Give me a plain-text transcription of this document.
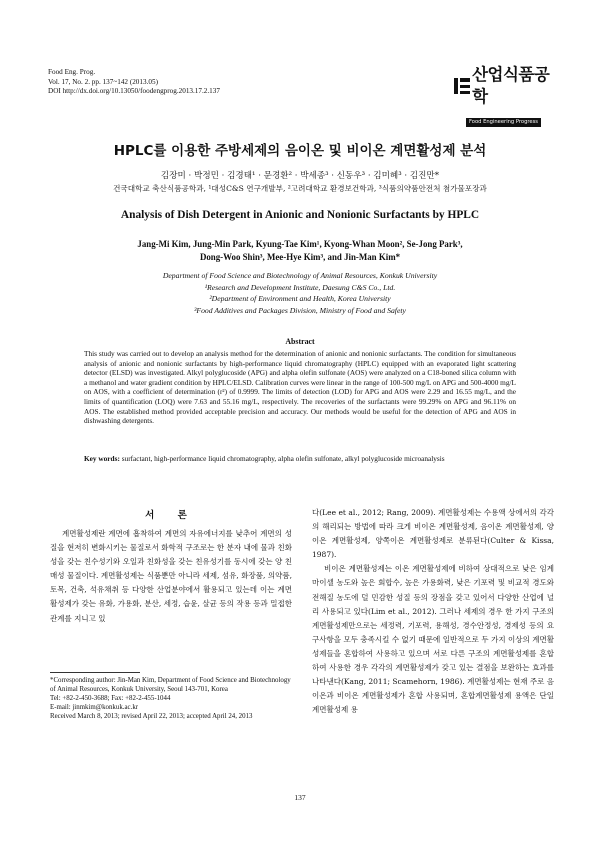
Food Eng. Prog.
Vol. 17, No. 2. pp. 137~142 (2013.05)
DOI http://dx.doi.org/10.13050/foodengprog.2013.17.2.137
산업식품공학
Food Engineering Progress
HPLC를 이용한 주방세제의 음이온 및 비이온 계면활성제 분석
김장미 · 박정민 · 김경태¹ · 문경환² · 박세종³ · 신동우³ · 김미혜³ · 김진만*
건국대학교 축산식품공학과, ¹대성C&S 연구개발부, ²고려대학교 환경보건학과, ³식품의약품안전처 첨가물포장과
Analysis of Dish Detergent in Anionic and Nonionic Surfactants by HPLC
Jang-Mi Kim, Jung-Min Park, Kyung-Tae Kim¹, Kyong-Whan Moon², Se-Jong Park³,
Dong-Woo Shin³, Mee-Hye Kim³, and Jin-Man Kim*
Department of Food Science and Biotechnology of Animal Resources, Konkuk University
¹Research and Development Institute, Daesung C&S Co., Ltd.
²Department of Environment and Health, Korea University
³Food Additives and Packages Division, Ministry of Food and Safety
Abstract
This study was carried out to develop an analysis method for the determination of anionic and nonionic surfactants. The condition for simultaneous analysis of anionic and nonionic surfactants by high-performance liquid chromatography (HPLC) equipped with an evaporated light scattering detector (ELSD) was investigated. Alkyl polyglucoside (APG) and alpha olefin sulfonate (AOS) were analyzed on a C18-boned silica column with a methanol and water gradient condition by HPLC/ELSD. Calibration curves were linear in the range of 100-500 mg/L on APG and 500-4000 mg/L on AOS, with a coefficient of determination (r²) of 0.9999. The limits of detection (LOD) for APG and AOS were 2.29 and 16.55 mg/L, and the limits of quantification (LOQ) were 7.63 and 55.16 mg/L, respectively. The recoveries of the surfactants were 99.29% on APG and 96.11% on AOS. The established method provided acceptable precision and accuracy. Our methods would be useful for the detection of APG and AOS in dishwashing detergents.
Key words: surfactant, high-performance liquid chromatography, alpha olefin sulfonate, alkyl polyglucoside microanalysis
서 론
계면활성제란 계면에 흡착하여 계면의 자유에너지를 낮추어 계면의 성질을 현저히 변화시키는 물질로서 화학적 구조로는 한 분자 내에 물과 친화성을 갖는 친수성기와 오일과 친화성을 갖는 친유성기를 동시에 갖는 양 친매성 물질이다. 계면활성제는 식품뿐만 아니라 세제, 섬유, 화장품, 의약품, 토목, 건축, 석유채취 등 다양한 산업분야에서 활용되고 있는데 이는 계면활성제가 갖는 유화, 가용화, 분산, 세정, 습윤, 살균 등의 작용 등과 밀접한 관계를 지니고 있

다(Lee et al., 2012; Rang, 2009). 계면활성제는 수용액 상에서의 각각의 해리되는 방법에 따라 크게 비이온 계면활성제, 음이온 계면활성제, 양이온 계면활성제, 양쪽이온 계면활성제로 분류된다(Culter & Kissa, 1987).

비이온 계면활성제는 이온 계면활성제에 비하여 상대적으로 낮은 임계 마이셀 농도와 높은 회합수, 높은 가용화력, 낮은 기포력 및 비교적 경도와 전해질 농도에 덜 민감한 성질 등의 장점을 갖고 있어서 다양한 산업에 널리 사용되고 있다(Lim et al., 2012). 그러나 세제의 경우 한 가지 구조의 계면활성제만으로는 세정력, 기포력, 용해성, 경수안정성, 경제성 등의 요구사항을 모두 충족시킬 수 없기 때문에 일반적으로 두 가지 이상의 계면활성제들을 혼합하여 사용하고 있으며 서로 다른 구조의 계면활성제를 혼합하여 사용한 경우 각각의 계면활성제가 갖고 있는 결점을 보완하는 효과를 나타낸다(Kang, 2011; Scamehorn, 1986). 계면활성제는 현재 주로 음이온과 비이온 계면활성제가 혼합 사용되며, 혼합계면활성제 용액은 단일 계면활성제 용

*Corresponding author: Jin-Man Kim, Department of Food Science and Biotechnology of Animal Resources, Konkuk University, Seoul 143-701, Korea
Tel: +82-2-450-3688; Fax: +82-2-455-1044
E-mail: jinmkim@konkuk.ac.kr
Received March 8, 2013; revised April 22, 2013; accepted April 24, 2013
137
